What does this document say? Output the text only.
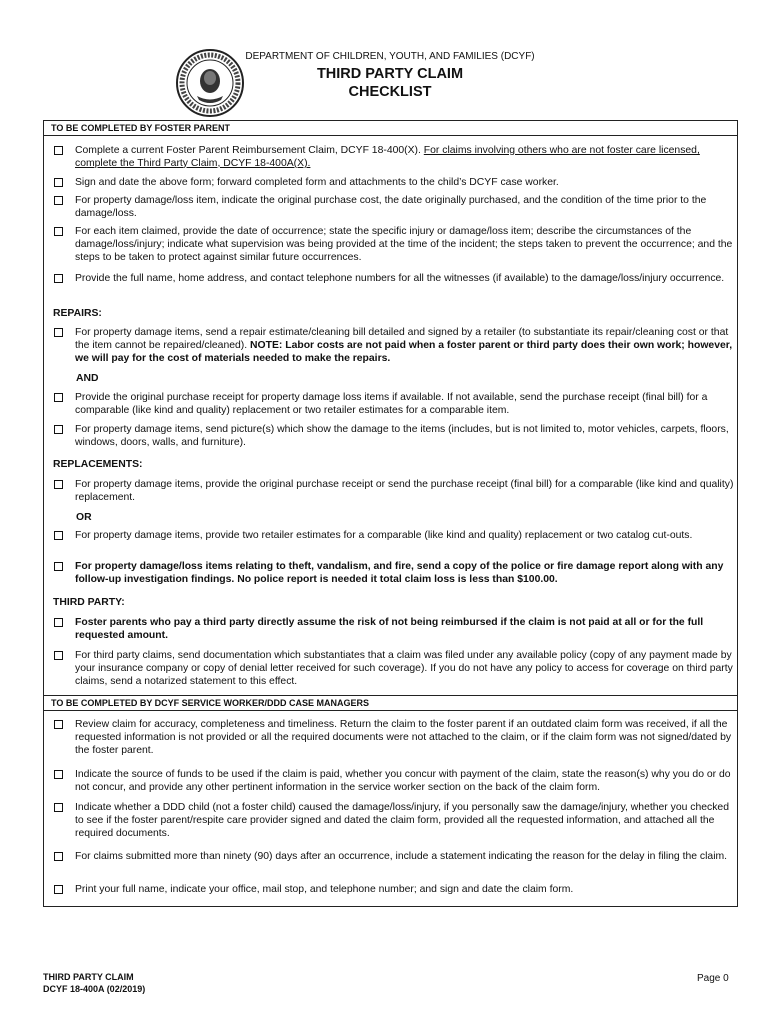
DEPARTMENT OF CHILDREN, YOUTH, AND FAMILIES (DCYF)
THIRD PARTY CLAIM
CHECKLIST
TO BE COMPLETED BY FOSTER PARENT
Complete a current Foster Parent Reimbursement Claim, DCYF 18-400(X). For claims involving others who are not foster care licensed, complete the Third Party Claim, DCYF 18-400A(X).
Sign and date the above form; forward completed form and attachments to the child’s DCYF case worker.
For property damage/loss item, indicate the original purchase cost, the date originally purchased, and the condition of the time prior to the damage/loss.
For each item claimed, provide the date of occurrence; state the specific injury or damage/loss item; describe the circumstances of the damage/loss/injury; indicate what supervision was being provided at the time of the incident; the steps taken to prevent the occurrence; and the steps to be taken to protect against similar future occurrences.
Provide the full name, home address, and contact telephone numbers for all the witnesses (if available) to the damage/loss/injury occurrence.
REPAIRS:
For property damage items, send a repair estimate/cleaning bill detailed and signed by a retailer (to substantiate its repair/cleaning cost or that the item cannot be repaired/cleaned). NOTE: Labor costs are not paid when a foster parent or third party does their own work; however, we will pay for the cost of materials needed to make the repairs.
AND
Provide the original purchase receipt for property damage loss items if available. If not available, send the purchase receipt (final bill) for a comparable (like kind and quality) replacement or two retailer estimates for a comparable item.
For property damage items, send picture(s) which show the damage to the items (includes, but is not limited to, motor vehicles, carpets, floors, windows, doors, walls, and furniture).
REPLACEMENTS:
For property damage items, provide the original purchase receipt or send the purchase receipt (final bill) for a comparable (like kind and quality) replacement.
OR
For property damage items, provide two retailer estimates for a comparable (like kind and quality) replacement or two catalog cut-outs.
For property damage/loss items relating to theft, vandalism, and fire, send a copy of the police or fire damage report along with any follow-up investigation findings. No police report is needed it total claim loss is less than $100.00.
THIRD PARTY:
Foster parents who pay a third party directly assume the risk of not being reimbursed if the claim is not paid at all or for the full requested amount.
For third party claims, send documentation which substantiates that a claim was filed under any available policy (copy of any payment made by your insurance company or copy of denial letter received for such coverage). If you do not have any policy to access for coverage on third party claims, send a notarized statement to this effect.
TO BE COMPLETED BY DCYF SERVICE WORKER/DDD CASE MANAGERS
Review claim for accuracy, completeness and timeliness. Return the claim to the foster parent if an outdated claim form was received, if all the requested information is not provided or all the required documents were not attached to the claim, or if the claim form was not signed/dated by the foster parent.
Indicate the source of funds to be used if the claim is paid, whether you concur with payment of the claim, state the reason(s) why you do or do not concur, and provide any other pertinent information in the service worker section on the back of the claim form.
Indicate whether a DDD child (not a foster child) caused the damage/loss/injury, if you personally saw the damage/injury, whether you checked to see if the foster parent/respite care provider signed and dated the claim form, provided all the requested information, and attached all the required documents.
For claims submitted more than ninety (90) days after an occurrence, include a statement indicating the reason for the delay in filing the claim.
Print your full name, indicate your office, mail stop, and telephone number; and sign and date the claim form.
THIRD PARTY CLAIM
DCYF 18-400A (02/2019)
Page 0
